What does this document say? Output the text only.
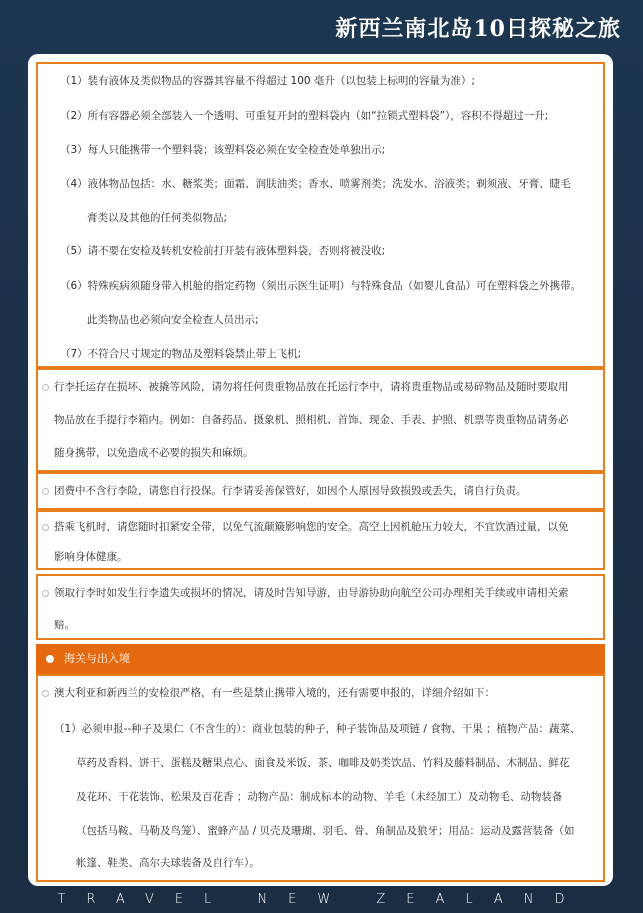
新西兰南北岛10日探秘之旅
（1）装有液体及类似物品的容器其容量不得超过 100 毫升（以包装上标明的容量为准）;
（2）所有容器必须全部装入一个透明、可重复开封的塑料袋内（如“拉锁式塑料袋”），容积不得超过一升;
（3）每人只能携带一个塑料袋；该塑料袋必须在安全检查处单独出示;
（4）液体物品包括：水、糖浆类；面霜、润肤油类；香水、喷雾剂类；洗发水、浴液类；剃须液、牙膏、睫毛
膏类以及其他的任何类似物品;
（5）请不要在安检及转机安检前打开装有液体塑料袋，否则将被没收;
（6）特殊疾病须随身带入机舱的指定药物（须出示医生证明）与特殊食品（如婴儿食品）可在塑料袋之外携带。
此类物品也必须向安全检查人员出示;
（7）不符合尺寸规定的物品及塑料袋禁止带上飞机;
行李托运存在损坏、被撬等风险，请勿将任何贵重物品放在托运行李中，请将贵重物品或易碎物品及随时要取用
物品放在手提行李箱内。例如：自备药品、摄象机、照相机、首饰、现金、手表、护照、机票等贵重物品请务必
随身携带，以免造成不必要的损失和麻烦。
团费中不含行李险，请您自行投保。行李请妥善保管好，如因个人原因导致损毁或丢失，请自行负责。
搭乘飞机时，请您随时扣紧安全带，以免气流颠簸影响您的安全。高空上因机舱压力较大，不宜饮酒过量，以免
影响身体健康。
领取行李时如发生行李遗失或损坏的情况，请及时告知导游，由导游协助向航空公司办理相关手续或申请相关索
赔。
海关与出入境
澳大利亚和新西兰的安检很严格，有一些是禁止携带入境的，还有需要申报的，详细介绍如下：
（1）必须申报--种子及果仁（不含生的）：商业包装的种子，种子装饰品及项链 / 食物、干果 ；植物产品：蔬菜、
草药及香料、饼干、蛋糕及糖果点心、面食及米饭、茶、咖啡及奶类饮品、竹料及藤料制品、木制品、鲜花
及花环、干花装饰、松果及百花香 ；动物产品：制成标本的动物、羊毛（未经加工）及动物毛、动物装备
（包括马鞍、马勒及鸟笼）、蜜蜂产品 / 贝壳及珊瑚、羽毛、骨、角制品及狼牙；用品：运动及露营装备（如
帐篷、鞋类、高尔夫球装备及自行车）。
TRAVEL NEW ZEALAND
